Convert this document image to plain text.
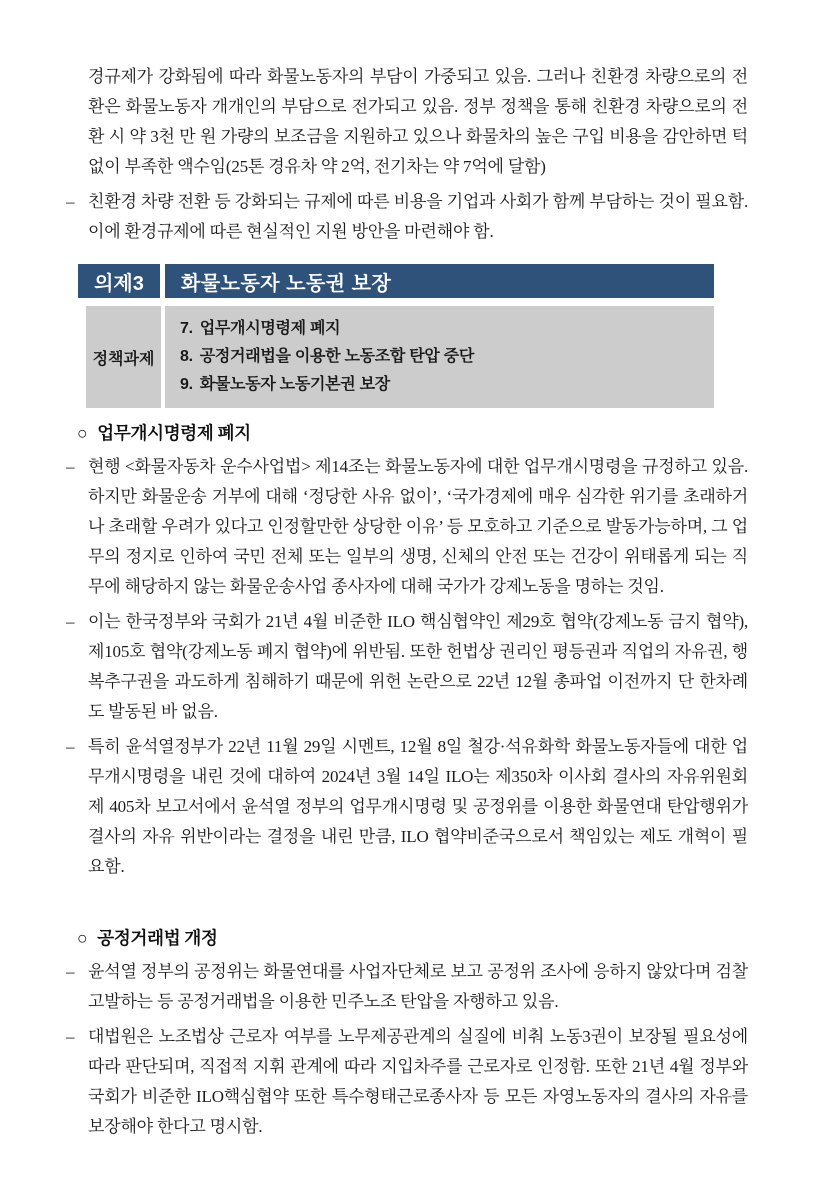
경규제가 강화됨에 따라 화물노동자의 부담이 가중되고 있음. 그러나 친환경 차량으로의 전환은 화물노동자 개개인의 부담으로 전가되고 있음. 정부 정책을 통해 친환경 차량으로의 전환 시 약 3천 만 원 가량의 보조금을 지원하고 있으나 화물차의 높은 구입 비용을 감안하면 턱없이 부족한 액수임(25톤 경유차 약 2억, 전기차는 약 7억에 달함)

– 친환경 차량 전환 등 강화되는 규제에 따른 비용을 기업과 사회가 함께 부담하는 것이 필요함. 이에 환경규제에 따른 현실적인 지원 방안을 마련해야 함.

의제3	화물노동자 노동권 보장
정책과제
7. 업무개시명령제 폐지
8. 공정거래법을 이용한 노동조합 탄압 중단
9. 화물노동자 노동기본권 보장
○ 업무개시명령제 폐지

– 현행 <화물자동차 운수사업법> 제14조는 화물노동자에 대한 업무개시명령을 규정하고 있음. 하지만 화물운송 거부에 대해 ‘정당한 사유 없이’, ‘국가경제에 매우 심각한 위기를 초래하거나 초래할 우려가 있다고 인정할만한 상당한 이유’ 등 모호하고 기준으로 발동가능하며, 그 업무의 정지로 인하여 국민 전체 또는 일부의 생명, 신체의 안전 또는 건강이 위태롭게 되는 직무에 해당하지 않는 화물운송사업 종사자에 대해 국가가 강제노동을 명하는 것임.

– 이는 한국정부와 국회가 21년 4월 비준한 ILO 핵심협약인 제29호 협약(강제노동 금지 협약), 제105호 협약(강제노동 폐지 협약)에 위반됨. 또한 헌법상 권리인 평등권과 직업의 자유권, 행복추구권을 과도하게 침해하기 때문에 위헌 논란으로 22년 12월 총파업 이전까지 단 한차례도 발동된 바 없음.

– 특히 윤석열정부가 22년 11월 29일 시멘트, 12월 8일 철강·석유화학 화물노동자들에 대한 업무개시명령을 내린 것에 대하여 2024년 3월 14일 ILO는 제350차 이사회 결사의 자유위원회 제 405차 보고서에서 윤석열 정부의 업무개시명령 및 공정위를 이용한 화물연대 탄압행위가 결사의 자유 위반이라는 결정을 내린 만큼, ILO 협약비준국으로서 책임있는 제도 개혁이 필요함.

○ 공정거래법 개정

– 윤석열 정부의 공정위는 화물연대를 사업자단체로 보고 공정위 조사에 응하지 않았다며 검찰 고발하는 등 공정거래법을 이용한 민주노조 탄압을 자행하고 있음.

– 대법원은 노조법상 근로자 여부를 노무제공관계의 실질에 비춰 노동3권이 보장될 필요성에 따라 판단되며, 직접적 지휘 관계에 따라 지입차주를 근로자로 인정함. 또한 21년 4월 정부와 국회가 비준한 ILO핵심협약 또한 특수형태근로종사자 등 모든 자영노동자의 결사의 자유를 보장해야 한다고 명시함.
